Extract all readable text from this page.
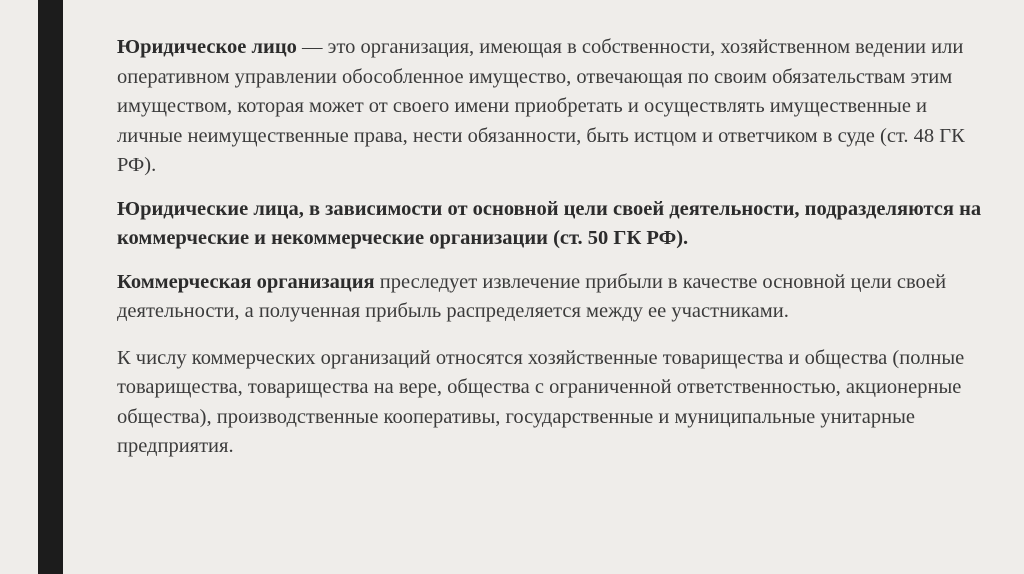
Юридическое лицо — это организация, имеющая в собственности, хозяйственном ведении или оперативном управлении обособленное имущество, отвечающая по своим обязательствам этим имуществом, которая может от своего имени приобретать и осуществлять имущественные и личные неимущественные права, нести обязанности, быть истцом и ответчиком в суде (ст. 48 ГК РФ).

Юридические лица, в зависимости от основной цели своей деятельности, подразделяются на коммерческие и некоммерческие организации (ст. 50 ГК РФ).

Коммерческая организация преследует извлечение прибыли в качестве основной цели своей деятельности, а полученная прибыль распределяется между ее участниками.

К числу коммерческих организаций относятся хозяйственные товарищества и общества (полные товарищества, товарищества на вере, общества с ограниченной ответственностью, акционерные общества), производственные кооперативы, государственные и муниципальные унитарные предприятия.
